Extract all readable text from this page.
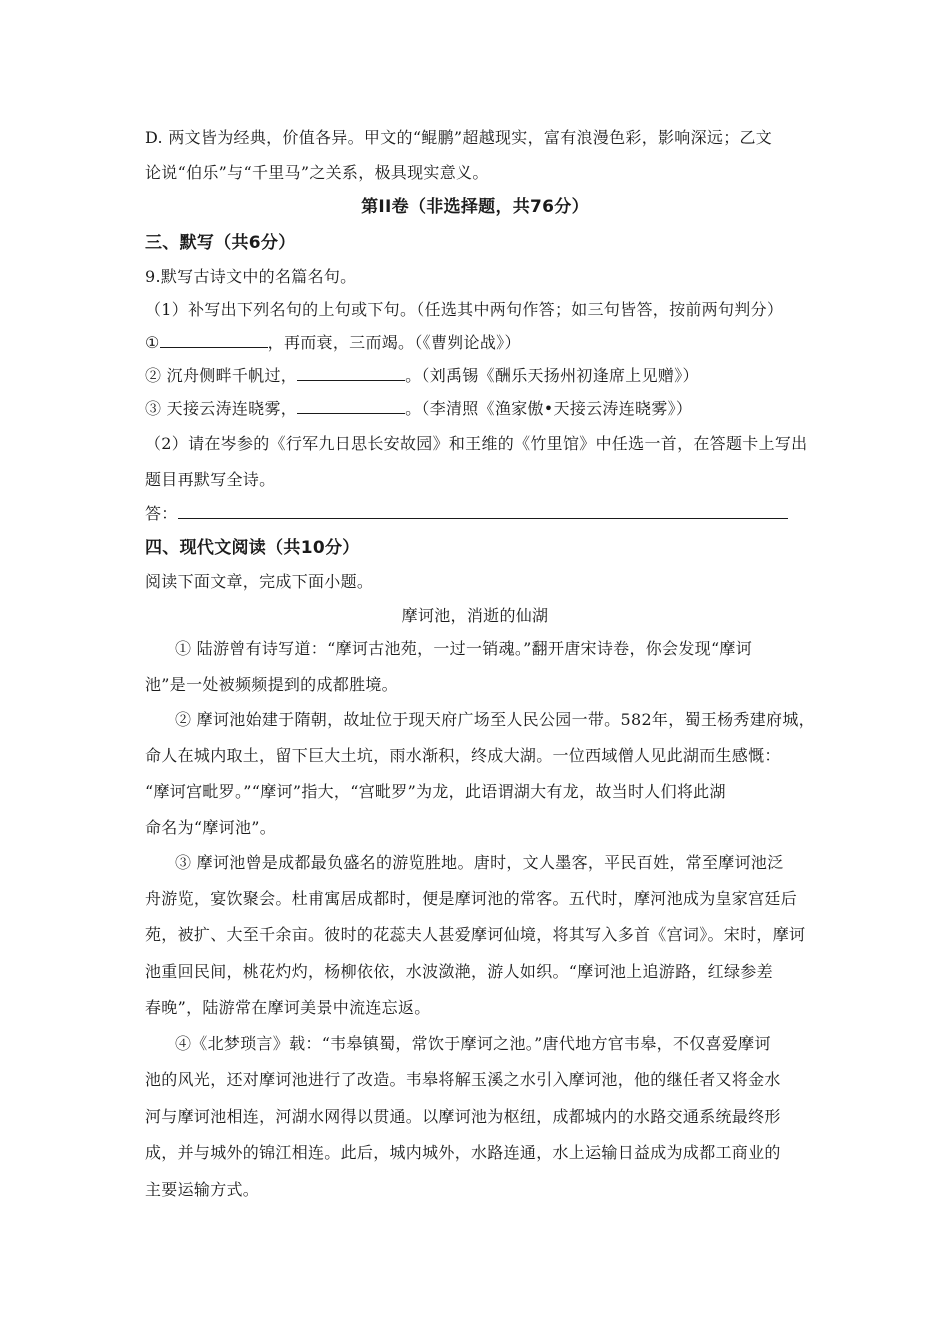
D. 两文皆为经典，价值各异。甲文的“鲲鹏”超越现实，富有浪漫色彩，影响深远；乙文
论说“伯乐”与“千里马”之关系，极具现实意义。
第II卷（非选择题，共76分）
三、默写（共6分）
9.默写古诗文中的名篇名句。
（1）补写出下列名句的上句或下句。（任选其中两句作答；如三句皆答，按前两句判分）
①	，再而衰，三而竭。（《曹刿论战》）
② 沉舟侧畔千帆过，	。（刘禹锡《酬乐天扬州初逢席上见赠》）
③ 天接云涛连晓雾，	。（李清照《渔家傲•天接云涛连晓雾》）
（2）请在岑参的《行军九日思长安故园》和王维的《竹里馆》中任选一首，在答题卡上写出
题目再默写全诗。
答：
四、现代文阅读（共10分）
阅读下面文章，完成下面小题。
摩诃池，消逝的仙湖
① 陆游曾有诗写道：“摩诃古池苑，一过一销魂。”翻开唐宋诗卷，你会发现“摩诃
池”是一处被频频提到的成都胜境。
② 摩诃池始建于隋朝，故址位于现天府广场至人民公园一带。582年，蜀王杨秀建府城，
命人在城内取土，留下巨大土坑，雨水渐积，终成大湖。一位西域僧人见此湖而生感慨：
“摩诃宫毗罗。”“摩诃”指大，“宫毗罗”为龙，此语谓湖大有龙，故当时人们将此湖
命名为“摩诃池”。
③ 摩诃池曾是成都最负盛名的游览胜地。唐时，文人墨客，平民百姓，常至摩诃池泛
舟游览，宴饮聚会。杜甫寓居成都时，便是摩诃池的常客。五代时，摩河池成为皇家宫廷后
苑，被扩、大至千余亩。彼时的花蕊夫人甚爱摩诃仙境，将其写入多首《宫词》。宋时，摩诃
池重回民间，桃花灼灼，杨柳依依，水波潋滟，游人如织。“摩诃池上追游路，红绿参差
春晚”，陆游常在摩诃美景中流连忘返。
④《北梦琐言》载：“韦皋镇蜀，常饮于摩诃之池。”唐代地方官韦皋，不仅喜爱摩诃
池的风光，还对摩诃池进行了改造。韦皋将解玉溪之水引入摩诃池，他的继任者又将金水
河与摩诃池相连，河湖水网得以贯通。以摩诃池为枢纽，成都城内的水路交通系统最终形
成，并与城外的锦江相连。此后，城内城外，水路连通，水上运输日益成为成都工商业的
主要运输方式。
